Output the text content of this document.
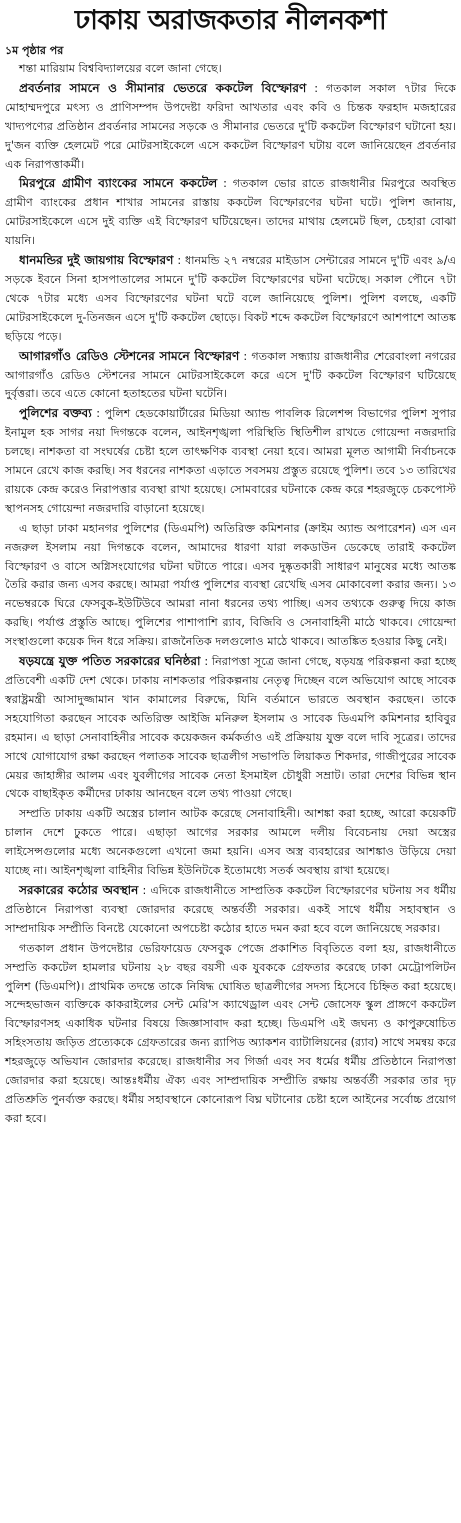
ঢাকায় অরাজকতার নীলনকশা
১ম পৃষ্ঠার পর

শন্তা মারিয়াম বিশ্ববিদ্যালয়ের বলে জানা গেছে।

প্রবর্তনার সামনে ও সীমানার ভেতরে ককটেল বিস্ফোরণ : গতকাল সকাল ৭টার দিকে মোহাম্মদপুরে মৎস্য ও প্রাণিসম্পদ উপদেষ্টা ফরিদা আখতার এবং কবি ও চিন্তক ফরহাদ মজহারের খাদ্যপণ্যের প্রতিষ্ঠান প্রবর্তনার সামনের সড়কে ও সীমানার ভেতরে দু'টি ককটেল বিস্ফোরণ ঘটানো হয়। দু'জন ব্যক্তি হেলমেট পরে মোটরসাইকেলে এসে ককটেল বিস্ফোরণ ঘটায় বলে জানিয়েছেন প্রবর্তনার এক নিরাপত্তাকর্মী।

মিরপুরে গ্রামীণ ব্যাংকের সামনে ককটেল : গতকাল ভোর রাতে রাজধানীর মিরপুরে অবস্থিত গ্রামীণ ব্যাংকের প্রধান শাখার সামনের রাস্তায় ককটেল বিস্ফোরণের ঘটনা ঘটে। পুলিশ জানায়, মোটরসাইকেলে এসে দুই ব্যক্তি এই বিস্ফোরণ ঘটিয়েছেন। তাদের মাথায় হেলমেট ছিল, চেহারা বোঝা যায়নি।

ধানমন্ডির দুই জায়গায় বিস্ফোরণ : ধানমন্ডি ২৭ নম্বরের মাইডাস সেন্টারের সামনে দু'টি এবং ৯/এ সড়কে ইবনে সিনা হাসপাতালের সামনে দু'টি ককটেল বিস্ফোরণের ঘটনা ঘটেছে। সকাল পৌনে ৭টা থেকে ৭টার মধ্যে এসব বিস্ফোরণের ঘটনা ঘটে বলে জানিয়েছে পুলিশ। পুলিশ বলছে, একটি মোটরসাইকেলে দু-তিনজন এসে দু'টি ককটেল ছোড়ে। বিকট শব্দে ককটেল বিস্ফোরণে আশপাশে আতঙ্ক ছড়িয়ে পড়ে।

আগারগাঁও রেডিও স্টেশনের সামনে বিস্ফোরণ : গতকাল সন্ধ্যায় রাজধানীর শেরেবাংলা নগরের আগারগাঁও রেডিও স্টেশনের সামনে মোটরসাইকেলে করে এসে দু'টি ককটেল বিস্ফোরণ ঘটিয়েছে দুর্বৃত্তরা। তবে এতে কোনো হতাহতের ঘটনা ঘটেনি।

পুলিশের বক্তব্য : পুলিশ হেডকোয়ার্টারের মিডিয়া অ্যান্ড পাবলিক রিলেশন্স বিভাগের পুলিশ সুপার ইনামুল হক সাগর নয়া দিগন্তকে বলেন, আইনশৃঙ্খলা পরিস্থিতি স্থিতিশীল রাখতে গোয়েন্দা নজরদারি চলছে। নাশকতা বা সংঘর্ষের চেষ্টা হলে তাৎক্ষণিক ব্যবস্থা নেয়া হবে। আমরা মূলত আগামী নির্বাচনকে সামনে রেখে কাজ করছি। সব ধরনের নাশকতা এড়াতে সবসময় প্রস্তুত রয়েছে পুলিশ। তবে ১৩ তারিখের রায়কে কেন্দ্র করেও নিরাপত্তার ব্যবস্থা রাখা হয়েছে। সোমবারের ঘটনাকে কেন্দ্র করে শহরজুড়ে চেকপোস্ট স্থাপনসহ গোয়েন্দা নজরদারি বাড়ানো হয়েছে।

এ ছাড়া ঢাকা মহানগর পুলিশের (ডিএমপি) অতিরিক্ত কমিশনার (ক্রাইম অ্যান্ড অপারেশন) এস এন নজরুল ইসলাম নয়া দিগন্তকে বলেন, আমাদের ধারণা যারা লকডাউন ডেকেছে তারাই ককটেল বিস্ফোরণ ও বাসে অগ্নিসংযোগের ঘটনা ঘটাতে পারে। এসব দুষ্কৃতকারী সাধারণ মানুষের মধ্যে আতঙ্ক তৈরি করার জন্য এসব করছে। আমরা পর্যাপ্ত পুলিশের ব্যবস্থা রেখেছি এসব মোকাবেলা করার জন্য। ১৩ নভেম্বরকে ঘিরে ফেসবুক-ইউটিউবে আমরা নানা ধরনের তথ্য পাচ্ছি। এসব তথ্যকে গুরুত্ব দিয়ে কাজ করছি। পর্যাপ্ত প্রস্তুতি আছে। পুলিশের পাশাপাশি র‌্যাব, বিজিবি ও সেনাবাহিনী মাঠে থাকবে। গোয়েন্দা সংস্থাগুলো কয়েক দিন ধরে সক্রিয়। রাজনৈতিক দলগুলোও মাঠে থাকবে। আতঙ্কিত হওয়ার কিছু নেই।

ষড়যন্ত্রে যুক্ত পতিত সরকারের ঘনিষ্ঠরা : নিরাপত্তা সূত্রে জানা গেছে, ষড়যন্ত্র পরিকল্পনা করা হচ্ছে প্রতিবেশী একটি দেশ থেকে। ঢাকায় নাশকতার পরিকল্পনায় নেতৃত্ব দিচ্ছেন বলে অভিযোগ আছে সাবেক স্বরাষ্ট্রমন্ত্রী আসাদুজ্জামান খান কামালের বিরুদ্ধে, যিনি বর্তমানে ভারতে অবস্থান করছেন। তাকে সহযোগিতা করছেন সাবেক অতিরিক্ত আইজি মনিরুল ইসলাম ও সাবেক ডিএমপি কমিশনার হাবিবুর রহমান। এ ছাড়া সেনাবাহিনীর সাবেক কয়েকজন কর্মকর্তাও এই প্রক্রিয়ায় যুক্ত বলে দাবি সূত্রের। তাদের সাথে যোগাযোগ রক্ষা করছেন পলাতক সাবেক ছাত্রলীগ সভাপতি লিয়াকত শিকদার, গাজীপুরের সাবেক মেয়র জাহাঙ্গীর আলম এবং যুবলীগের সাবেক নেতা ইসমাইল চৌধুরী সম্রাট। তারা দেশের বিভিন্ন স্থান থেকে বাছাইকৃত কর্মীদের ঢাকায় আনছেন বলে তথ্য পাওয়া গেছে।

সম্প্রতি ঢাকায় একটি অস্ত্রের চালান আটক করেছে সেনাবাহিনী। আশঙ্কা করা হচ্ছে, আরো কয়েকটি চালান দেশে ঢুকতে পারে। এছাড়া আগের সরকার আমলে দলীয় বিবেচনায় দেয়া অস্ত্রের লাইসেন্সগুলোর মধ্যে অনেকগুলো এখনো জমা হয়নি। এসব অস্ত্র ব্যবহারের আশঙ্কাও উড়িয়ে দেয়া যাচ্ছে না। আইনশৃঙ্খলা বাহিনীর বিভিন্ন ইউনিটকে ইতোমধ্যে সতর্ক অবস্থায় রাখা হয়েছে।

সরকারের কঠোর অবস্থান : এদিকে রাজধানীতে সাম্প্রতিক ককটেল বিস্ফোরণের ঘটনায় সব ধর্মীয় প্রতিষ্ঠানে নিরাপত্তা ব্যবস্থা জোরদার করেছে অন্তর্বর্তী সরকার। একই সাথে ধর্মীয় সহাবস্থান ও সাম্প্রদায়িক সম্প্রীতি বিনষ্টে যেকোনো অপচেষ্টা কঠোর হাতে দমন করা হবে বলে জানিয়েছে সরকার।

গতকাল প্রধান উপদেষ্টার ভেরিফায়েড ফেসবুক পেজে প্রকাশিত বিবৃতিতে বলা হয়, রাজধানীতে সম্প্রতি ককটেল হামলার ঘটনায় ২৮ বছর বয়সী এক যুবককে গ্রেফতার করেছে ঢাকা মেট্রোপলিটন পুলিশ (ডিএমপি)। প্রাথমিক তদন্তে তাকে নিষিদ্ধ ঘোষিত ছাত্রলীগের সদস্য হিসেবে চিহ্নিত করা হয়েছে। সন্দেহভাজন ব্যক্তিকে কাকরাইলের সেন্ট মেরি'স ক্যাথেড্রাল এবং সেন্ট জোসেফ স্কুল প্রাঙ্গণে ককটেল বিস্ফোরণসহ একাধিক ঘটনার বিষয়ে জিজ্ঞাসাবাদ করা হচ্ছে। ডিএমপি এই জঘন্য ও কাপুরুষোচিত সহিংসতায় জড়িত প্রত্যেককে গ্রেফতারের জন্য র‌্যাপিড অ্যাকশন ব্যাটালিয়নের (র‌্যাব) সাথে সমন্বয় করে শহরজুড়ে অভিযান জোরদার করেছে। রাজধানীর সব গির্জা এবং সব ধর্মের ধর্মীয় প্রতিষ্ঠানে নিরাপত্তা জোরদার করা হয়েছে। আন্তঃধর্মীয় ঐক্য এবং সাম্প্রদায়িক সম্প্রীতি রক্ষায় অন্তর্বর্তী সরকার তার দৃঢ় প্রতিশ্রুতি পুনর্ব্যক্ত করছে। ধর্মীয় সহাবস্থানে কোনোরূপ বিঘ্ন ঘটানোর চেষ্টা হলে আইনের সর্বোচ্চ প্রয়োগ করা হবে।
